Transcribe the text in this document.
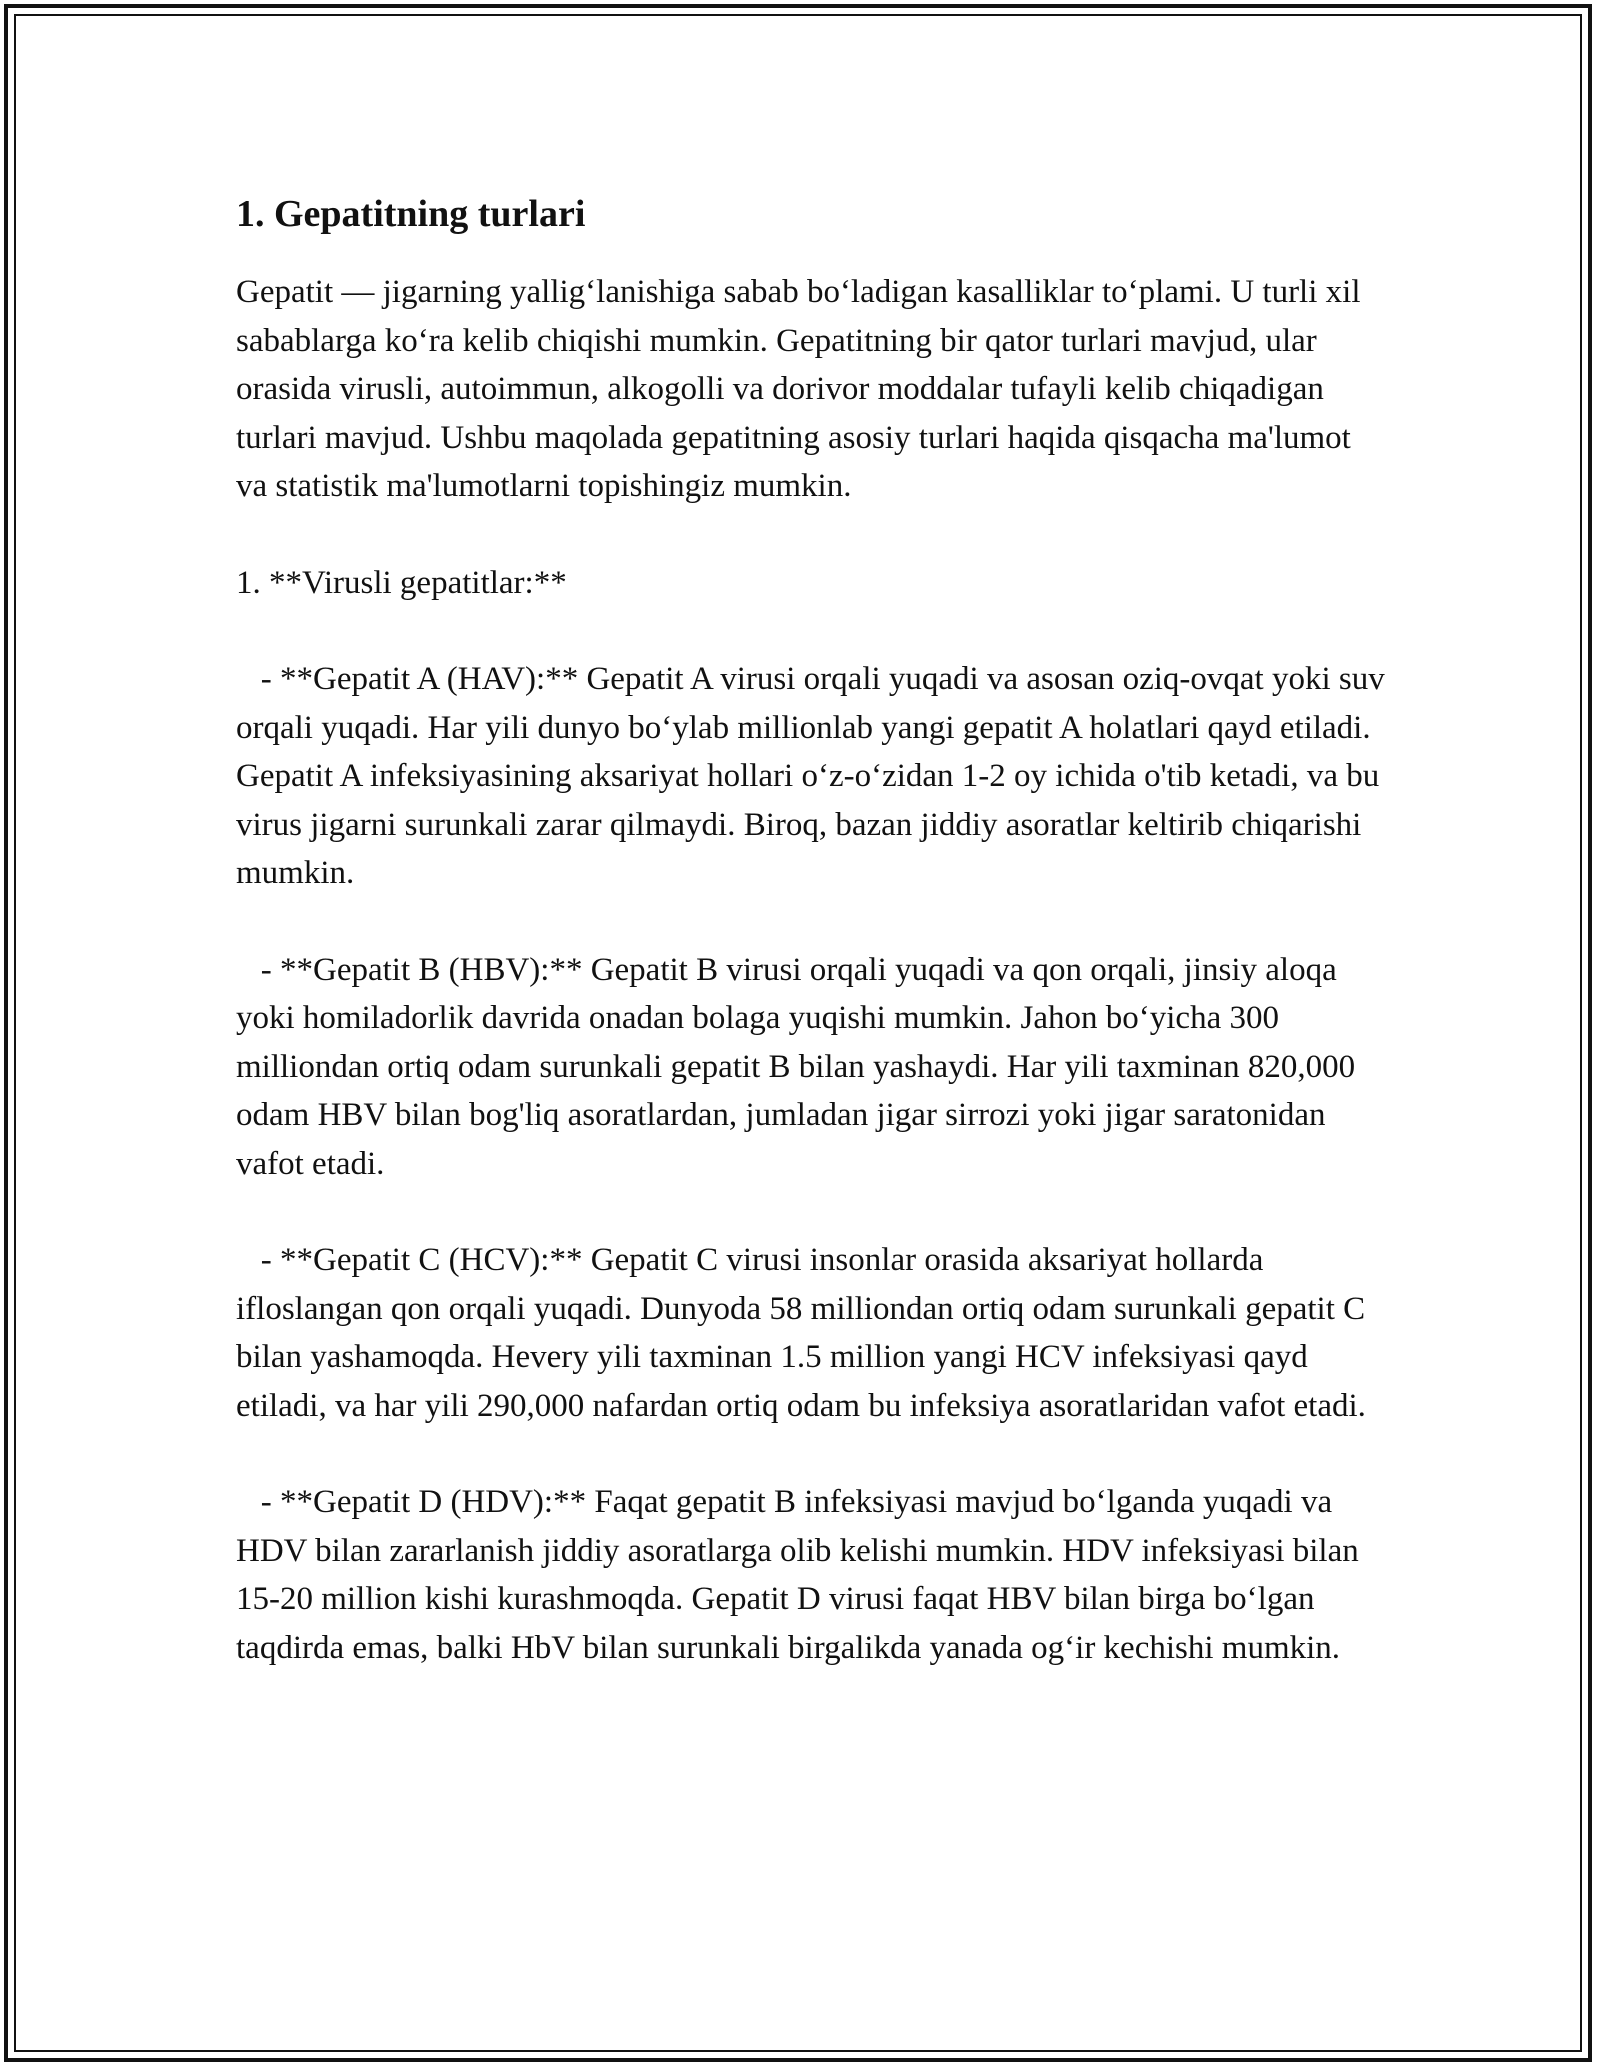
1. Gepatitning turlari

Gepatit — jigarning yallig‘lanishiga sabab bo‘ladigan kasalliklar to‘plami. U turli xil sabablarga ko‘ra kelib chiqishi mumkin. Gepatitning bir qator turlari mavjud, ular orasida virusli, autoimmun, alkogolli va dorivor moddalar tufayli kelib chiqadigan turlari mavjud. Ushbu maqolada gepatitning asosiy turlari haqida qisqacha ma'lumot va statistik ma'lumotlarni topishingiz mumkin.

1. **Virusli gepatitlar:**

- **Gepatit A (HAV):** Gepatit A virusi orqali yuqadi va asosan oziq-ovqat yoki suv orqali yuqadi. Har yili dunyo bo‘ylab millionlab yangi gepatit A holatlari qayd etiladi. Gepatit A infeksiyasining aksariyat hollari o‘z-o‘zidan 1-2 oy ichida o'tib ketadi, va bu virus jigarni surunkali zarar qilmaydi. Biroq, bazan jiddiy asoratlar keltirib chiqarishi mumkin.

- **Gepatit B (HBV):** Gepatit B virusi orqali yuqadi va qon orqali, jinsiy aloqa yoki homiladorlik davrida onadan bolaga yuqishi mumkin. Jahon bo‘yicha 300 milliondan ortiq odam surunkali gepatit B bilan yashaydi. Har yili taxminan 820,000 odam HBV bilan bog'liq asoratlardan, jumladan jigar sirrozi yoki jigar saratonidan vafot etadi.

- **Gepatit C (HCV):** Gepatit C virusi insonlar orasida aksariyat hollarda ifloslangan qon orqali yuqadi. Dunyoda 58 milliondan ortiq odam surunkali gepatit C bilan yashamoqda. Hevery yili taxminan 1.5 million yangi HCV infeksiyasi qayd etiladi, va har yili 290,000 nafardan ortiq odam bu infeksiya asoratlaridan vafot etadi.

- **Gepatit D (HDV):** Faqat gepatit B infeksiyasi mavjud bo‘lganda yuqadi va HDV bilan zararlanish jiddiy asoratlarga olib kelishi mumkin. HDV infeksiyasi bilan 15-20 million kishi kurashmoqda. Gepatit D virusi faqat HBV bilan birga bo‘lgan taqdirda emas, balki HbV bilan surunkali birgalikda yanada og‘ir kechishi mumkin.
